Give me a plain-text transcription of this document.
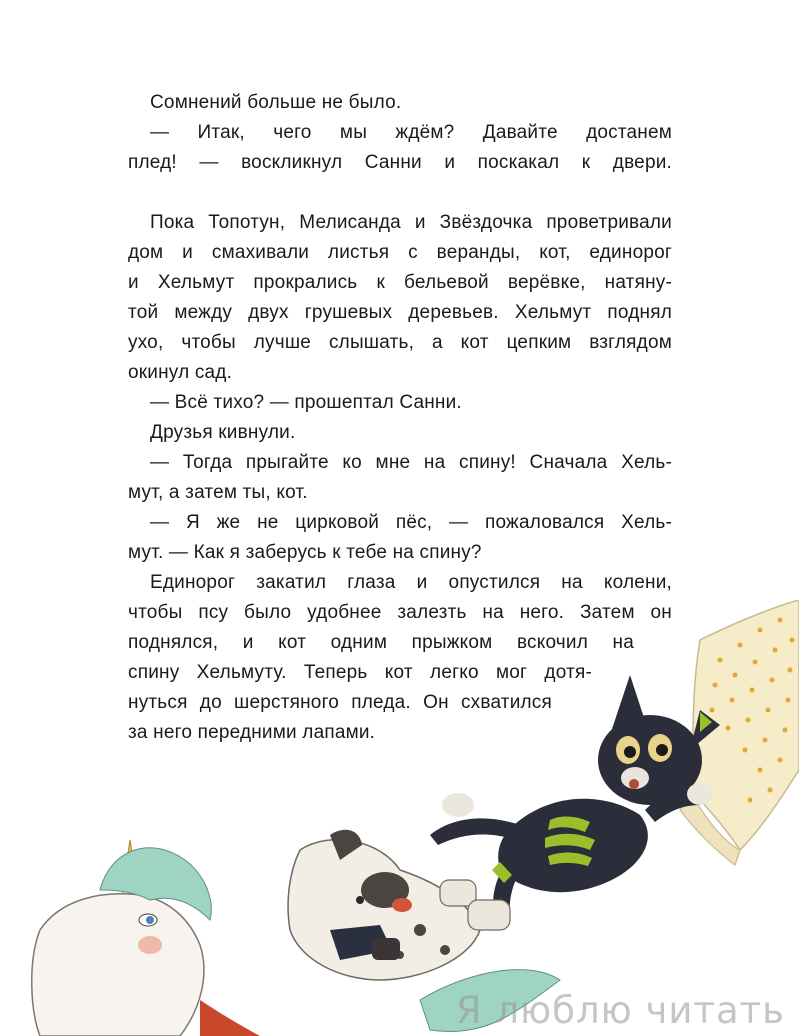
Сомнений больше не было.
— Итак, чего мы ждём? Давайте достанем
плед! — воскликнул Санни и поскакал к двери.
Пока Топотун, Мелисанда и Звёздочка проветривали
дом и смахивали листья с веранды, кот, единорог
и Хельмут прокрались к бельевой верёвке, натяну-
той между двух грушевых деревьев. Хельмут поднял
ухо, чтобы лучше слышать, а кот цепким взглядом
окинул сад.
— Всё тихо? — прошептал Санни.
Друзья кивнули.
— Тогда прыгайте ко мне на спину! Сначала Хель-
мут, а затем ты, кот.
— Я же не цирковой пёс, — пожаловался Хель-
мут. — Как я заберусь к тебе на спину?
Единорог закатил глаза и опустился на колени,
чтобы псу было удобнее залезть на него. Затем он
поднялся, и кот одним прыжком вскочил на
спину Хельмуту. Теперь кот легко мог дотя-
нуться до шерстяного пледа. Он схватился
за него передними лапами.
Я люблю читать
